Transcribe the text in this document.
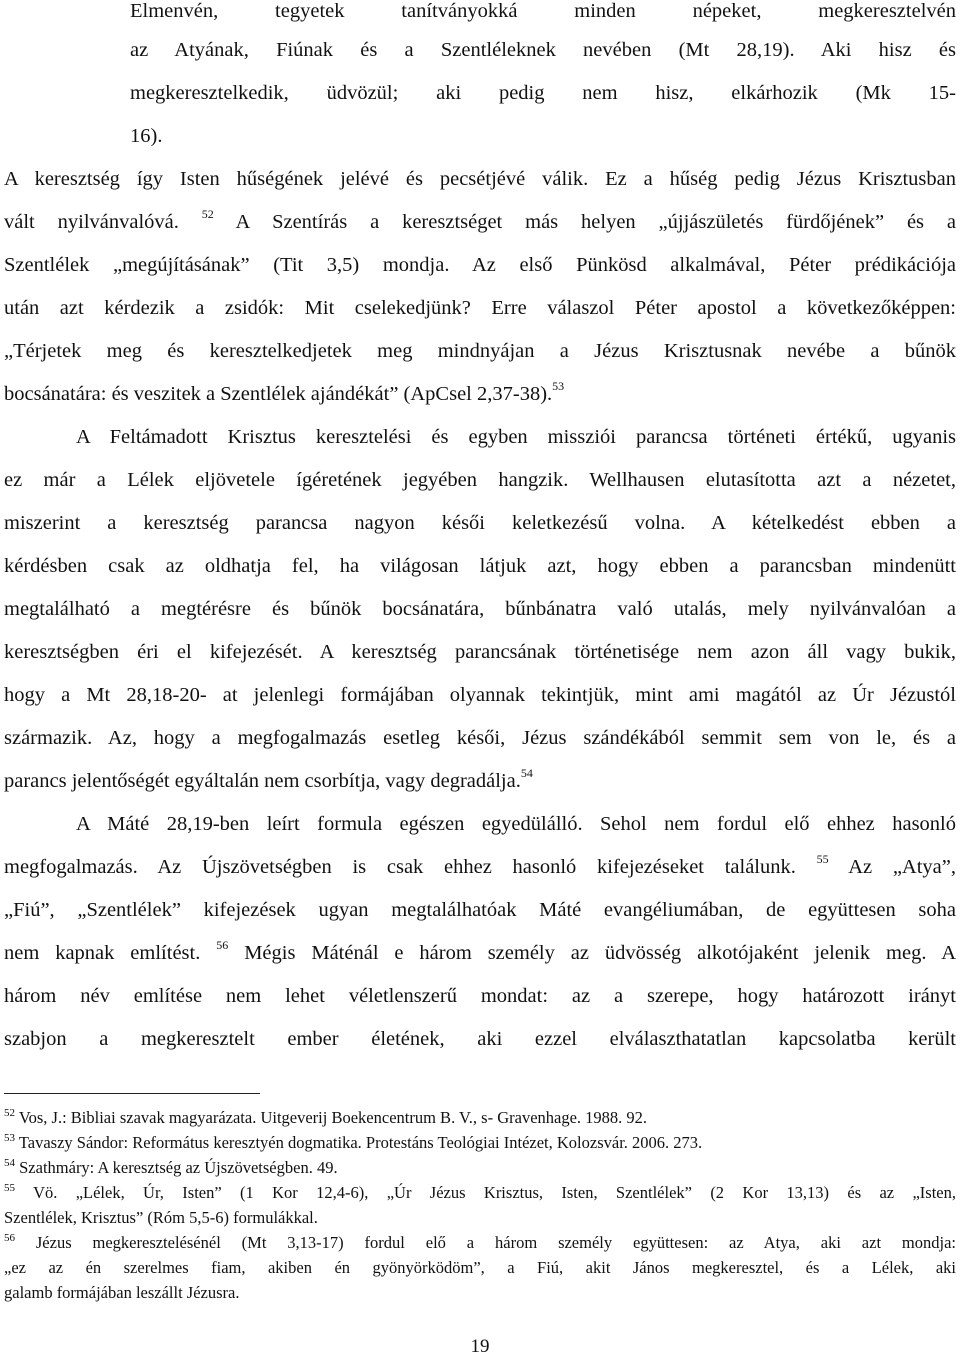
Elmenvén, tegyetek tanítványokká minden népeket, megkeresztelvén
az Atyának, Fiúnak és a Szentléleknek nevében (Mt 28,19). Aki hisz és
megkeresztelkedik, üdvözül; aki pedig nem hisz, elkárhozik (Mk 15-
16).
A keresztség így Isten hűségének jelévé és pecsétjévé válik. Ez a hűség pedig Jézus Krisztusban
vált nyilvánvalóvá. $^{52}$ A Szentírás a keresztséget más helyen „újjászületés fürdőjének” és a
Szentlélek „megújításának” (Tit 3,5) mondja. Az első Pünkösd alkalmával, Péter prédikációja
után azt kérdezik a zsidók: Mit cselekedjünk? Erre válaszol Péter apostol a következőképpen:
„Térjetek meg és keresztelkedjetek meg mindnyájan a Jézus Krisztusnak nevébe a bűnök
bocsánatára: és veszitek a Szentlélek ajándékát” (ApCsel 2,37-38).$^{53}$
A Feltámadott Krisztus keresztelési és egyben missziói parancsa történeti értékű, ugyanis
ez már a Lélek eljövetele ígéretének jegyében hangzik. Wellhausen elutasította azt a nézetet,
miszerint a keresztség parancsa nagyon késői keletkezésű volna. A kételkedést ebben a
kérdésben csak az oldhatja fel, ha világosan látjuk azt, hogy ebben a parancsban mindenütt
megtalálható a megtérésre és bűnök bocsánatára, bűnbánatra való utalás, mely nyilvánvalóan a
keresztségben éri el kifejezését. A keresztség parancsának történetisége nem azon áll vagy bukik,
hogy a Mt 28,18-20- at jelenlegi formájában olyannak tekintjük, mint ami magától az Úr Jézustól
származik. Az, hogy a megfogalmazás esetleg késői, Jézus szándékából semmit sem von le, és a
parancs jelentőségét egyáltalán nem csorbítja, vagy degradálja.$^{54}$
A Máté 28,19-ben leírt formula egészen egyedülálló. Sehol nem fordul elő ehhez hasonló
megfogalmazás. Az Újszövetségben is csak ehhez hasonló kifejezéseket találunk. $^{55}$ Az „Atya”,
„Fiú”, „Szentlélek” kifejezések ugyan megtalálhatóak Máté evangéliumában, de együttesen soha
nem kapnak említést. $^{56}$ Mégis Máténál e három személy az üdvösség alkotójaként jelenik meg. A
három név említése nem lehet véletlenszerű mondat: az a szerepe, hogy határozott irányt
szabjon a megkeresztelt ember életének, aki ezzel elválaszthatatlan kapcsolatba került
$^{52}$ Vos, J.: Bibliai szavak magyarázata. Uitgeverij Boekencentrum B. V., s- Gravenhage. 1988. 92.
$^{53}$ Tavaszy Sándor: Református keresztyén dogmatika. Protestáns Teológiai Intézet, Kolozsvár. 2006. 273.
$^{54}$ Szathmáry: A keresztség az Újszövetségben. 49.
$^{55}$ Vö. „Lélek, Úr, Isten” (1 Kor 12,4-6), „Úr Jézus Krisztus, Isten, Szentlélek” (2 Kor 13,13) és az „Isten,
Szentlélek, Krisztus” (Róm 5,5-6) formulákkal.
$^{56}$ Jézus megkeresztelésénél (Mt 3,13-17) fordul elő a három személy együttesen: az Atya, aki azt mondja:
„ez az én szerelmes fiam, akiben én gyönyörködöm”, a Fiú, akit János megkeresztel, és a Lélek, aki
galamb formájában leszállt Jézusra.
19
